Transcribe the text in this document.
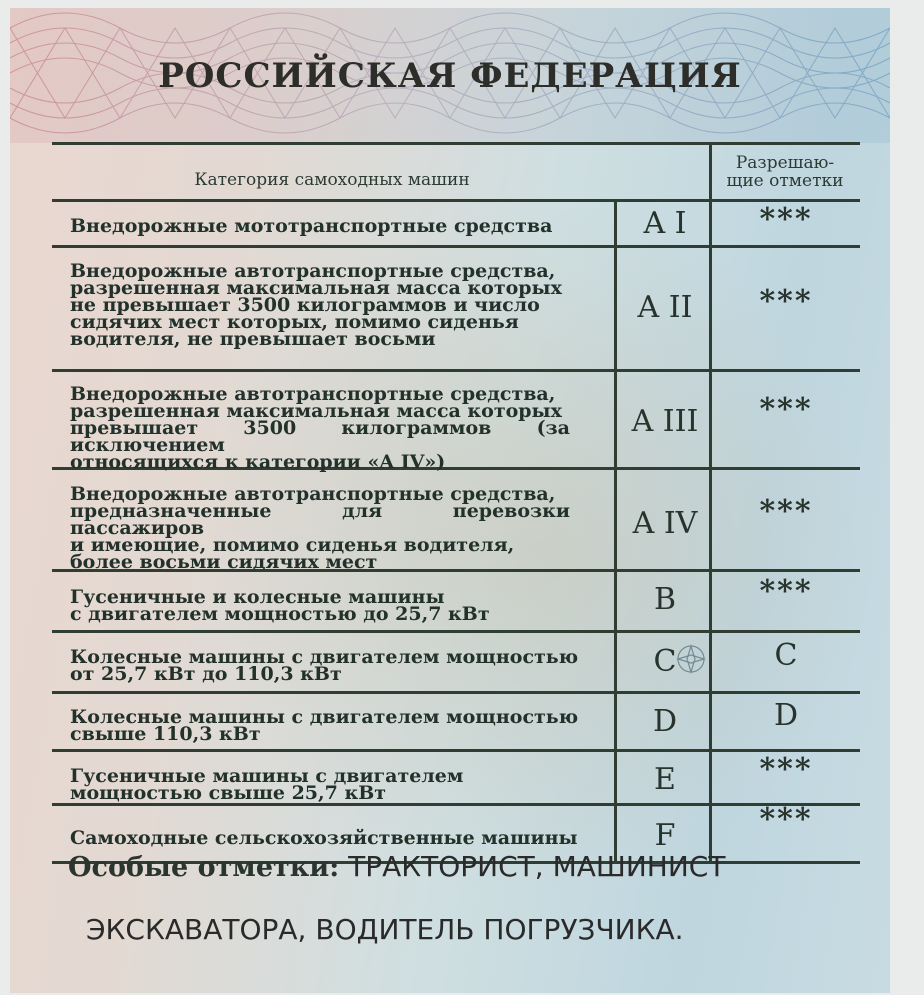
РОССИЙСКАЯ ФЕДЕРАЦИЯ
Категория самоходных машин
Разрешаю-
щие отметки
Внедорожные мототранспортные средства	A I	***
Внедорожные автотранспортные средства,
разрешенная максимальная масса которых
не превышает 3500 килограммов и число
сидячих мест которых, помимо сиденья
водителя, не превышает восьми
A II	***
Внедорожные автотранспортные средства,
разрешенная максимальная масса которых
превышает 3500 килограммов (за исключением
относящихся к категории «A IV»)
A III	***
Внедорожные автотранспортные средства,
предназначенные для перевозки пассажиров
и имеющие, помимо сиденья водителя,
более восьми сидячих мест
A IV	***
Гусеничные и колесные машины
с двигателем мощностью до 25,7 кВт	B	***
Колесные машины с двигателем мощностью
от 25,7 кВт до 110,3 кВт	C	C
Колесные машины с двигателем мощностью
свыше 110,3 кВт	D	D
Гусеничные машины с двигателем
мощностью свыше 25,7 кВт	E	***
Самоходные сельскохозяйственные машины	F	***
Особые отметки: ТРАКТОРИСТ, МАШИНИСТ
ЭКСКАВАТОРА, ВОДИТЕЛЬ ПОГРУЗЧИКА.
